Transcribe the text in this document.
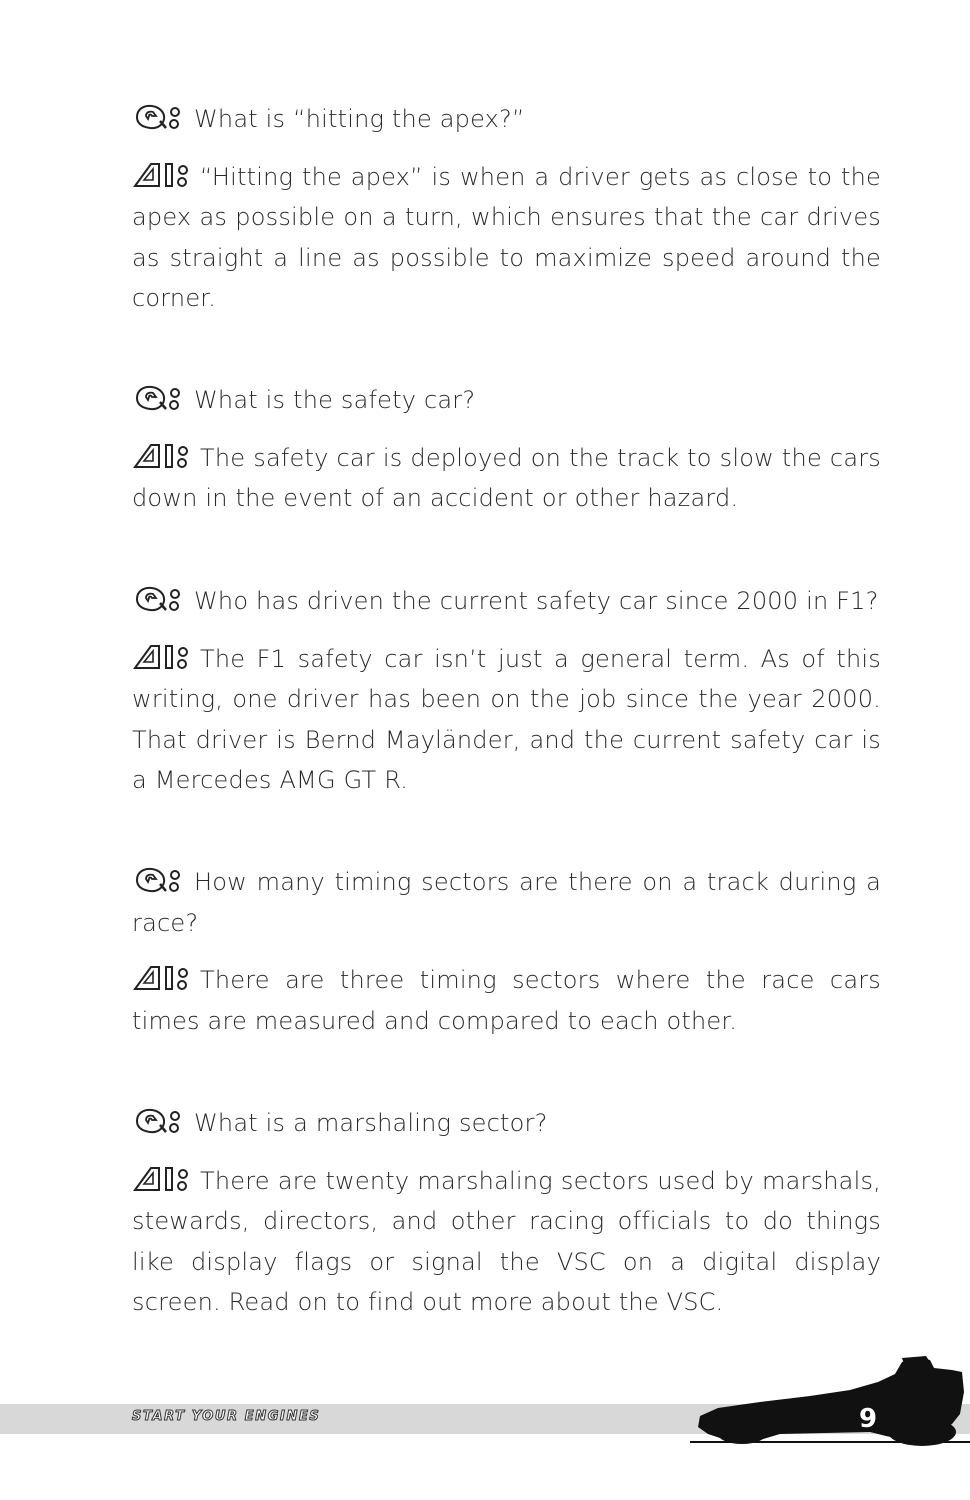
What is “hitting the apex?”

“Hitting the apex” is when a driver gets as close to the apex as possible on a turn, which ensures that the car drives as straight a line as possible to maximize speed around the corner.

What is the safety car?

The safety car is deployed on the track to slow the cars down in the event of an accident or other hazard.

Who has driven the current safety car since 2000 in F1?

The F1 safety car isn’t just a general term. As of this writing, one driver has been on the job since the year 2000. That driver is Bernd Mayländer, and the current safety car is a Mercedes AMG GT R.

How many timing sectors are there on a track during a race?

There are three timing sectors where the race cars times are measured and compared to each other.

What is a marshaling sector?

There are twenty marshaling sectors used by marshals, stewards, directors, and other racing officials to do things like display flags or signal the VSC on a digital display screen. Read on to find out more about the VSC.

START YOUR ENGINES	9
